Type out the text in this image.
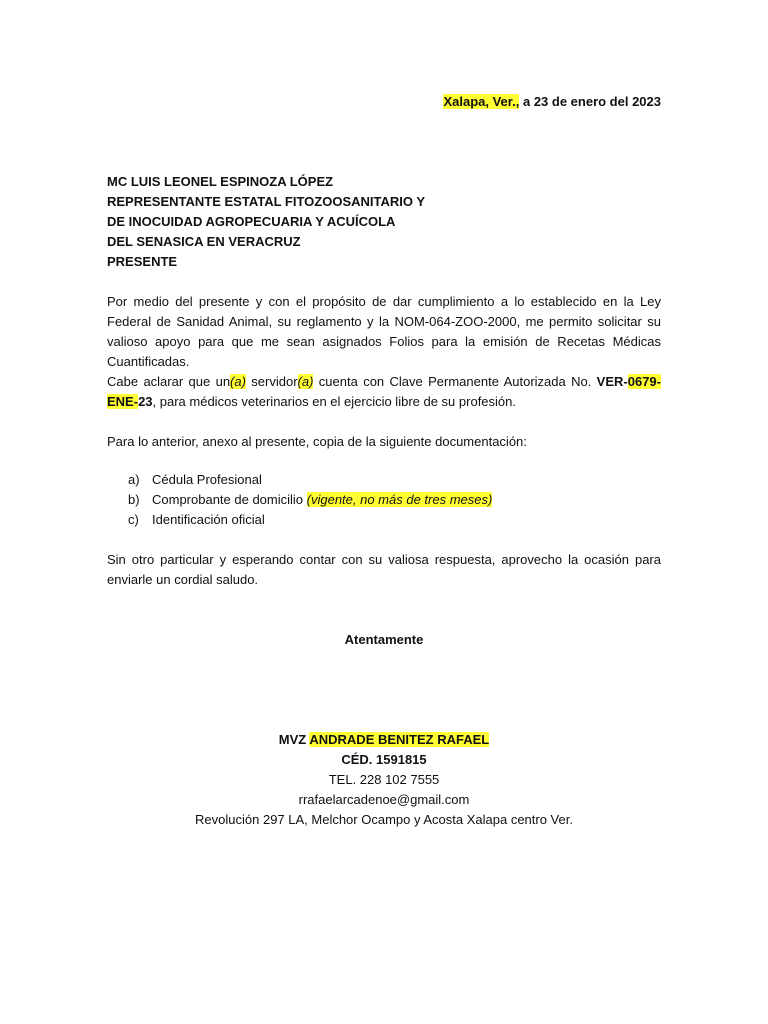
Xalapa, Ver., a 23 de enero del 2023
MC LUIS LEONEL ESPINOZA LÓPEZ
REPRESENTANTE ESTATAL FITOZOOSANITARIO Y
DE INOCUIDAD AGROPECUARIA Y ACUÍCOLA
DEL SENASICA EN VERACRUZ
PRESENTE
Por medio del presente y con el propósito de dar cumplimiento a lo establecido en la Ley Federal de Sanidad Animal, su reglamento y la NOM-064-ZOO-2000, me permito solicitar su valioso apoyo para que me sean asignados Folios para la emisión de Recetas Médicas Cuantificadas.
Cabe aclarar que un(a) servidor(a) cuenta con Clave Permanente Autorizada No. VER-0679-ENE-23, para médicos veterinarios en el ejercicio libre de su profesión.
Para lo anterior, anexo al presente, copia de la siguiente documentación:
a) Cédula Profesional
b) Comprobante de domicilio (vigente, no más de tres meses)
c)	Identificación oficial
Sin otro particular y esperando contar con su valiosa respuesta, aprovecho la ocasión para enviarle un cordial saludo.
Atentamente
MVZ ANDRADE BENITEZ RAFAEL
CÉD. 1591815
TEL. 228 102 7555
rrafaelarcadenoe@gmail.com
Revolución 297 LA, Melchor Ocampo y Acosta Xalapa centro Ver.
